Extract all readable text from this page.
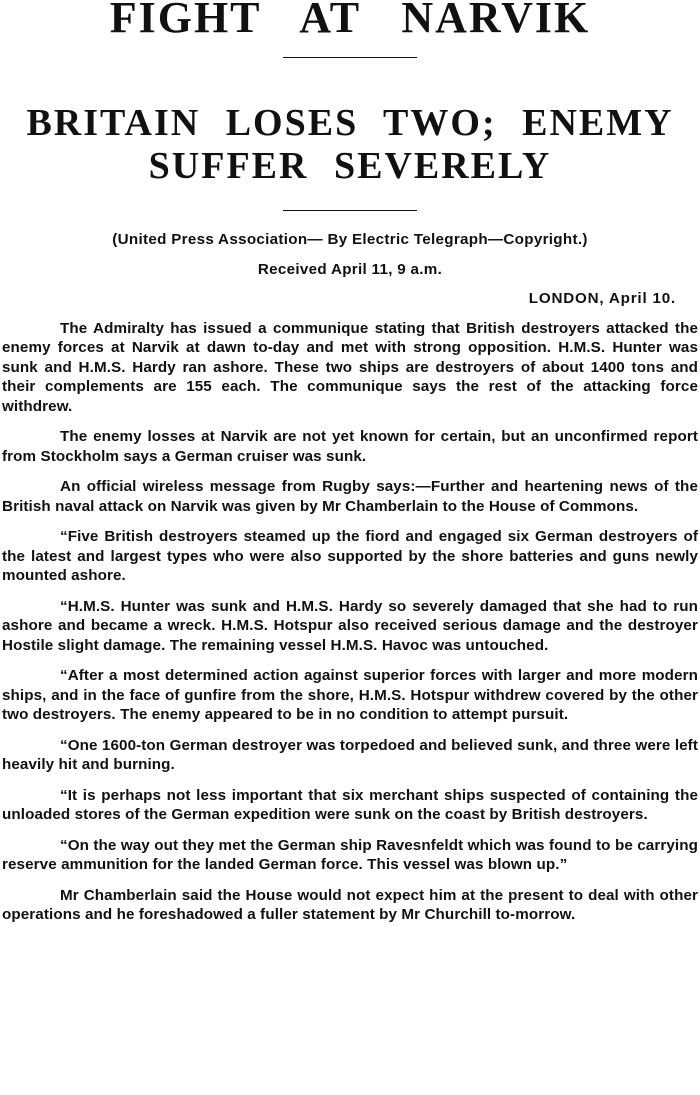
FIGHT AT NARVIK
BRITAIN LOSES TWO; ENEMY SUFFER SEVERELY
(United Press Association— By Electric Telegraph—Copyright.)
Received April 11, 9 a.m.
LONDON, April 10.

The Admiralty has issued a communique stating that British destroyers attacked the enemy forces at Narvik at dawn to-day and met with strong opposition. H.M.S. Hunter was sunk and H.M.S. Hardy ran ashore. These two ships are destroyers of about 1400 tons and their complements are 155 each. The communique says the rest of the attacking force withdrew.

The enemy losses at Narvik are not yet known for certain, but an unconfirmed report from Stockholm says a German cruiser was sunk.

An official wireless message from Rugby says:—Further and heartening news of the British naval attack on Narvik was given by Mr Chamberlain to the House of Commons.

“Five British destroyers steamed up the fiord and engaged six German destroyers of the latest and largest types who were also supported by the shore batteries and guns newly mounted ashore.

“H.M.S. Hunter was sunk and H.M.S. Hardy so severely damaged that she had to run ashore and became a wreck. H.M.S. Hotspur also received serious damage and the destroyer Hostile slight damage. The remaining vessel H.M.S. Havoc was untouched.

“After a most determined action against superior forces with larger and more modern ships, and in the face of gunfire from the shore, H.M.S. Hotspur withdrew covered by the other two destroyers. The enemy appeared to be in no condition to attempt pursuit.

“One 1600-ton German destroyer was torpedoed and believed sunk, and three were left heavily hit and burning.

“It is perhaps not less important that six merchant ships suspected of containing the unloaded stores of the German expedition were sunk on the coast by British destroyers.

“On the way out they met the German ship Ravesnfeldt which was found to be carrying reserve ammunition for the landed German force. This vessel was blown up.”

Mr Chamberlain said the House would not expect him at the present to deal with other operations and he foreshadowed a fuller statement by Mr Churchill to-morrow.
